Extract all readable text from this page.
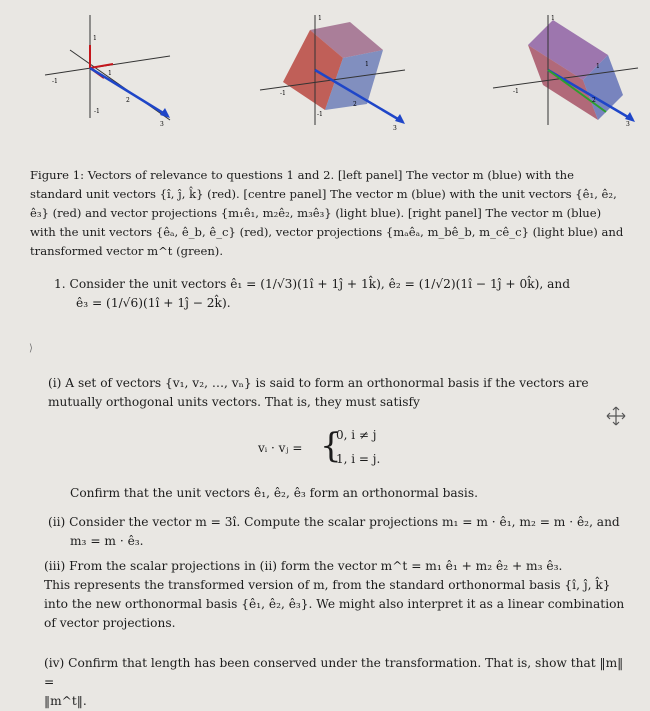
1
-1
1
-1
2
3
1
-1
1
-1
2
3
1
-1
1
2
3
Figure 1: Vectors of relevance to questions 1 and 2. [left panel] The vector m (blue) with the standard unit vectors {î, ĵ, k̂} (red). [centre panel] The vector m (blue) with the unit vectors {ê₁, ê₂, ê₃} (red) and vector projections {m₁ê₁, m₂ê₂, m₃ê₃} (light blue). [right panel] The vector m (blue) with the unit vectors {êₐ, ê_b, ê_c} (red), vector projections {mₐêₐ, m_bê_b, m_cê_c} (light blue) and transformed vector m^t (green).
⟩
1. Consider the unit vectors ê₁ = (1/√3)(1î + 1ĵ + 1k̂), ê₂ = (1/√2)(1î − 1ĵ + 0k̂), and
ê₃ = (1/√6)(1î + 1ĵ − 2k̂).
(i) A set of vectors {v₁, v₂, …, vₙ} is said to form an orthonormal basis if the vectors are mutually orthogonal units vectors. That is, they must satisfy
vᵢ · vⱼ = {
0, i ≠ j
1, i = j.
Confirm that the unit vectors ê₁, ê₂, ê₃ form an orthonormal basis.
(ii) Consider the vector m = 3î. Compute the scalar projections m₁ = m · ê₁, m₂ = m · ê₂, and
m₃ = m · ê₃.
(iii) From the scalar projections in (ii) form the vector m^t = m₁ ê₁ + m₂ ê₂ + m₃ ê₃.
This represents the transformed version of m, from the standard orthonormal basis {î, ĵ, k̂} into the new orthonormal basis {ê₁, ê₂, ê₃}. We might also interpret it as a linear combination of vector projections.
(iv) Confirm that length has been conserved under the transformation. That is, show that ‖m‖ =
‖m^t‖.
